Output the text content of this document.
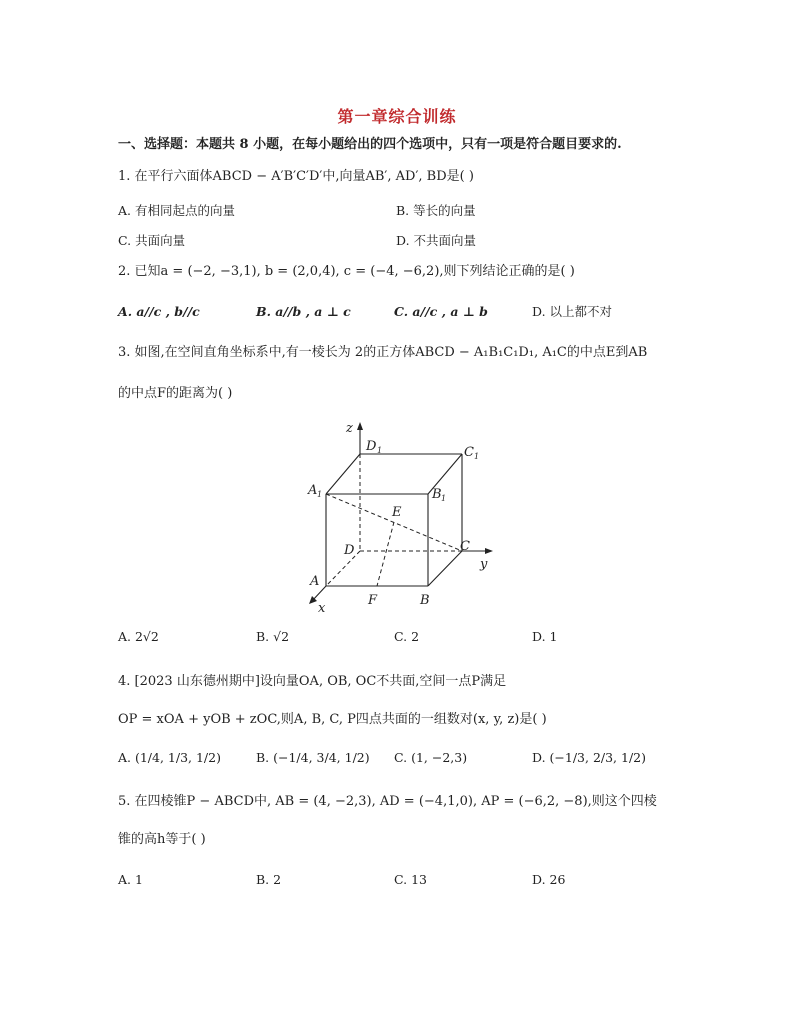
第一章综合训练
一、选择题：本题共 8 小题，在每小题给出的四个选项中，只有一项是符合题目要求的.
1. 在平行六面体ABCD − A′B′C′D′中,向量AB′, AD′, BD是( )
A. 有相同起点的向量	B. 等长的向量
C. 共面向量	D. 不共面向量
2. 已知a = (−2, −3,1), b = (2,0,4), c = (−4, −6,2),则下列结论正确的是( )
A. a//c , b//c	B. a//b , a ⊥ c	C. a//c , a ⊥ b	D. 以上都不对
3. 如图,在空间直角坐标系中,有一棱长为 2的正方体ABCD − A₁B₁C₁D₁, A₁C的中点E到AB
的中点F的距离为( )
z
y
x
D	C
A	B
E
D	C
A
F	B
1
1
1	1
A. 2√2	B. √2	C. 2	D. 1
4. [2023 山东德州期中]设向量OA, OB, OC不共面,空间一点P满足
OP = xOA + yOB + zOC,则A, B, C, P四点共面的一组数对(x, y, z)是( )
A. (1/4, 1/3, 1/2)	B. (−1/4, 3/4, 1/2) C. (1, −2,3)	D. (−1/3, 2/3, 1/2)
5. 在四棱锥P − ABCD中, AB = (4, −2,3), AD = (−4,1,0), AP = (−6,2, −8),则这个四棱
锥的高h等于( )
A. 1	B. 2	C. 13	D. 26
